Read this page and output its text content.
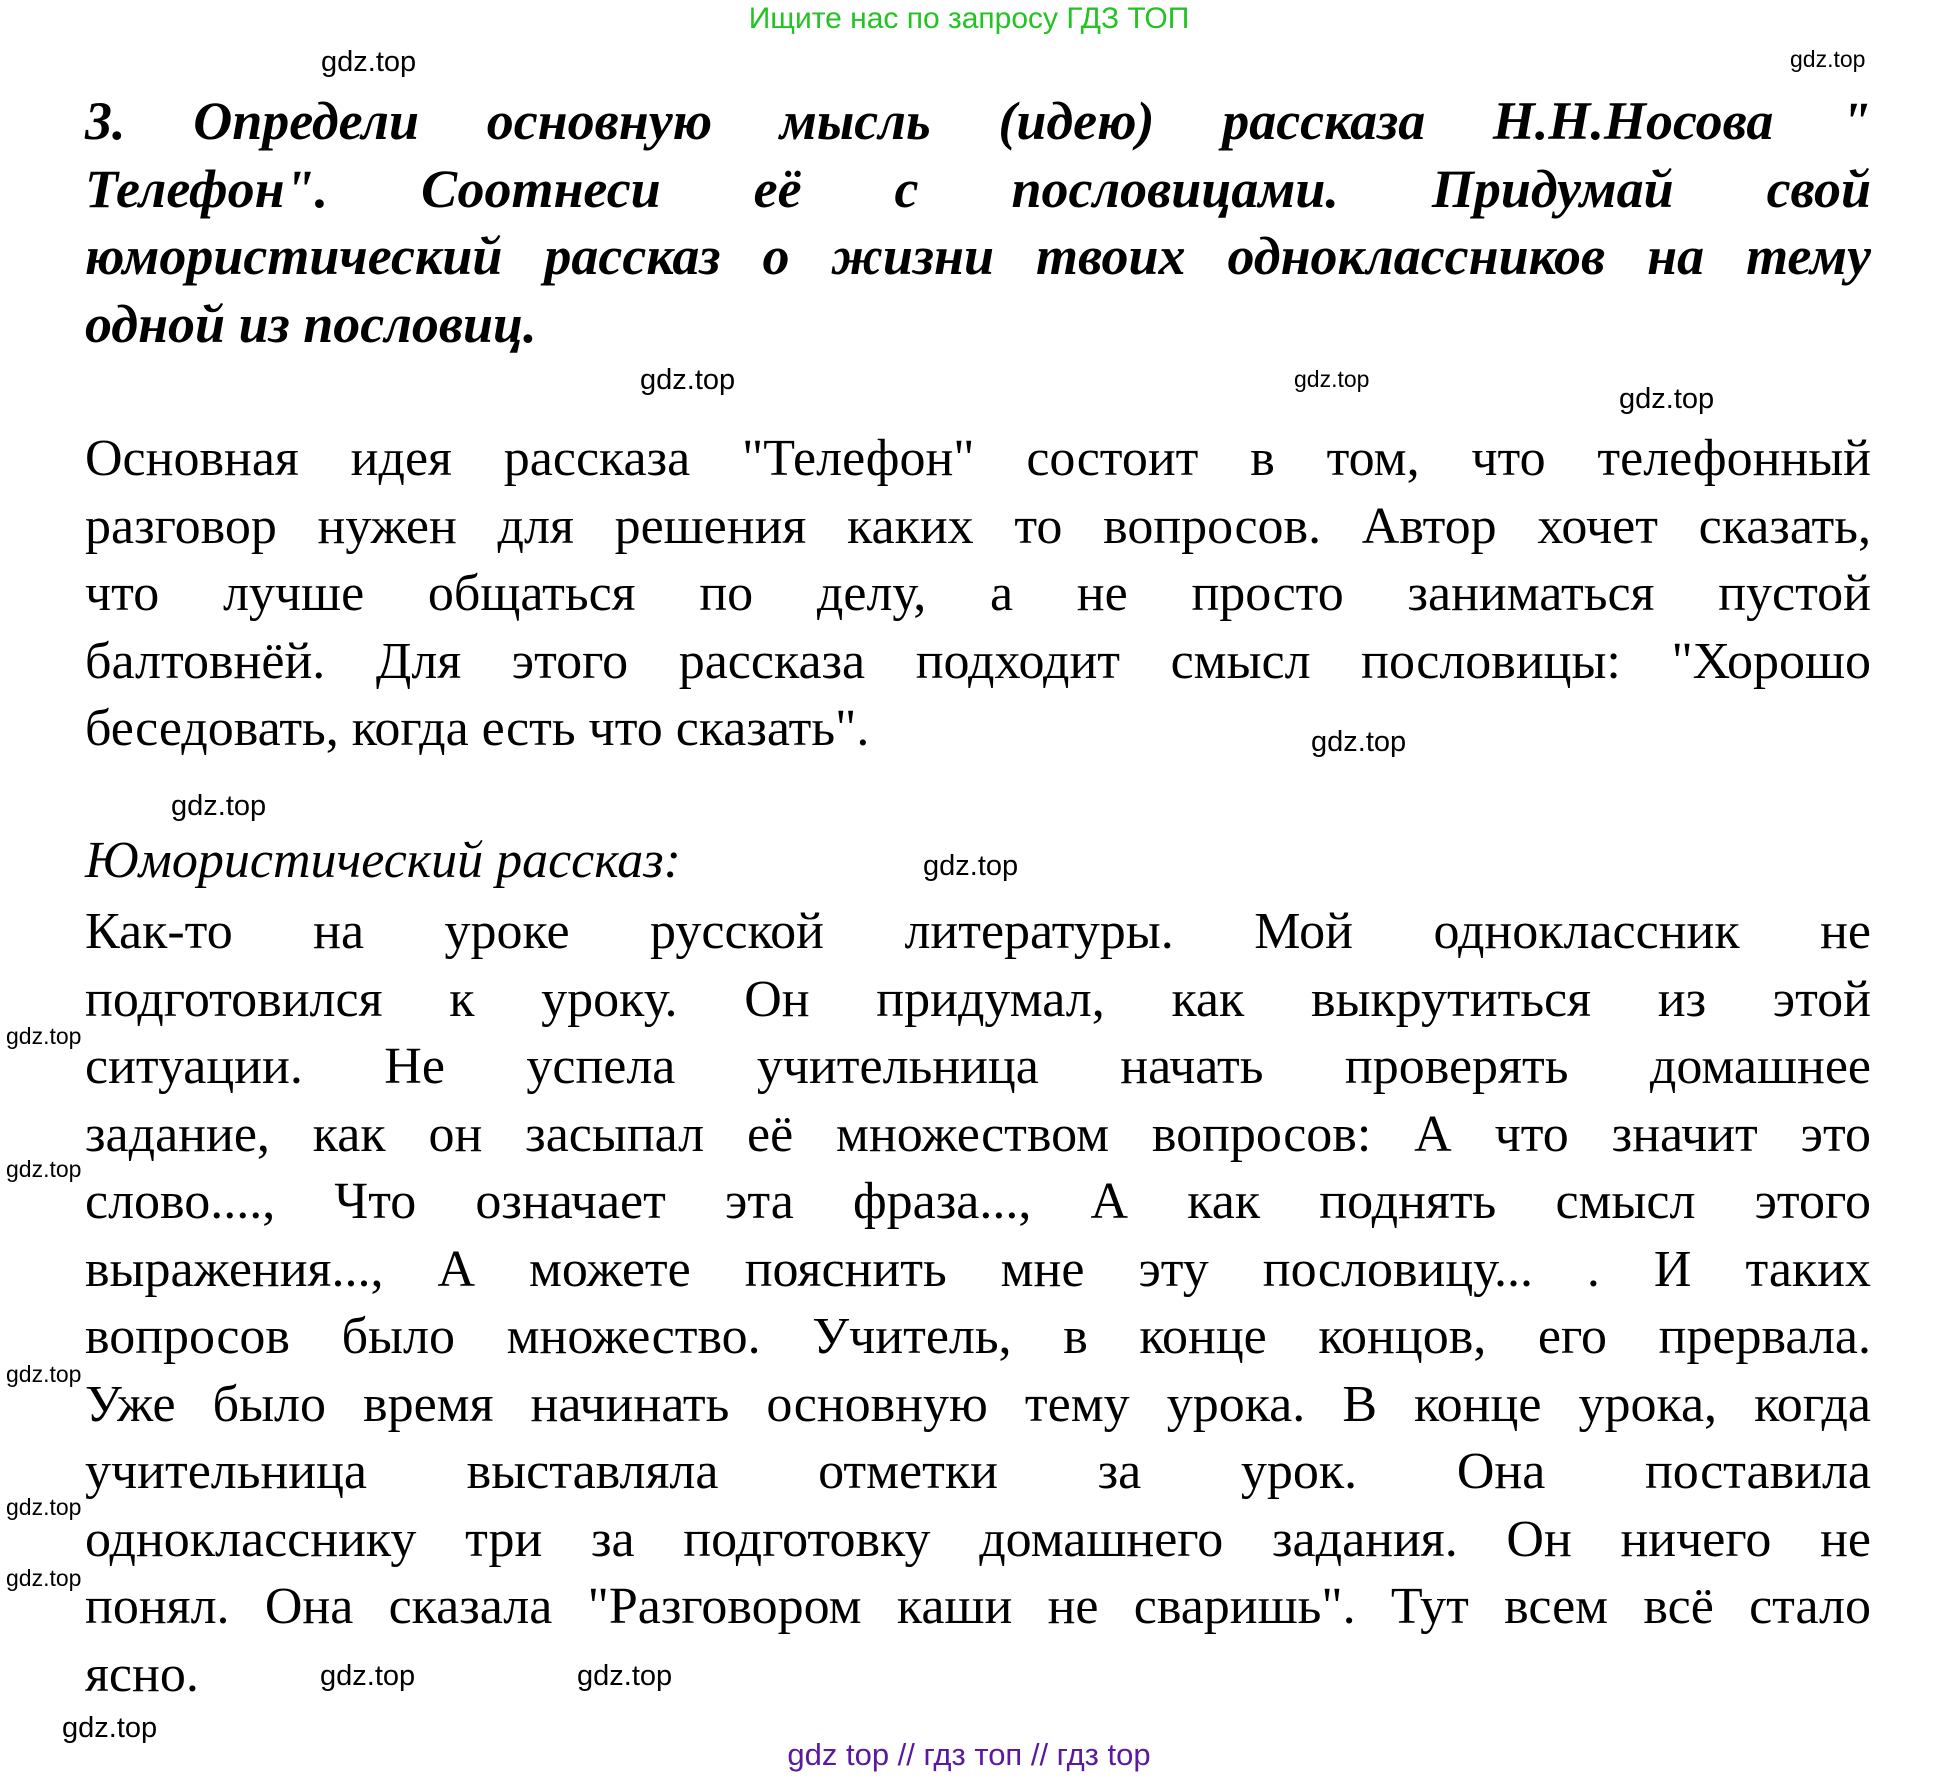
Ищите нас по запросу ГДЗ ТОП
3. Определи основную мысль (идею) рассказа Н.Н.Носова "
Телефон". Соотнеси её с пословицами. Придумай свой
юмористический рассказ о жизни твоих одноклассников на тему
одной из пословиц.
Основная идея рассказа "Телефон" состоит в том, что телефонный
разговор нужен для решения каких то вопросов. Автор хочет сказать,
что лучше общаться по делу, а не просто заниматься пустой
балтовнёй. Для этого рассказа подходит смысл пословицы: "Хорошо
беседовать, когда есть что сказать".
Юмористический рассказ:
Как-то на уроке русской литературы. Мой одноклассник не
подготовился к уроку. Он придумал, как выкрутиться из этой
ситуации. Не успела учительница начать проверять домашнее
задание, как он засыпал её множеством вопросов: А что значит это
слово...., Что означает эта фраза..., А как поднять смысл этого
выражения..., А можете пояснить мне эту пословицу... . И таких
вопросов было множество. Учитель, в конце концов, его прервала.
Уже было время начинать основную тему урока. В конце урока, когда
учительница выставляла отметки за урок. Она поставила
однокласснику три за подготовку домашнего задания. Он ничего не
понял. Она сказала "Разговором каши не сваришь". Тут всем всё стало
ясно.
gdz.top	gdz.top
gdz.top
gdz.top
gdz.top
gdz.top
gdz.top
gdz.top
gdz.top
gdz.top
gdz.top
gdz.top
gdz.top
gdz.top
gdz.top
gdz.top
gdz top // гдз топ // гдз top
